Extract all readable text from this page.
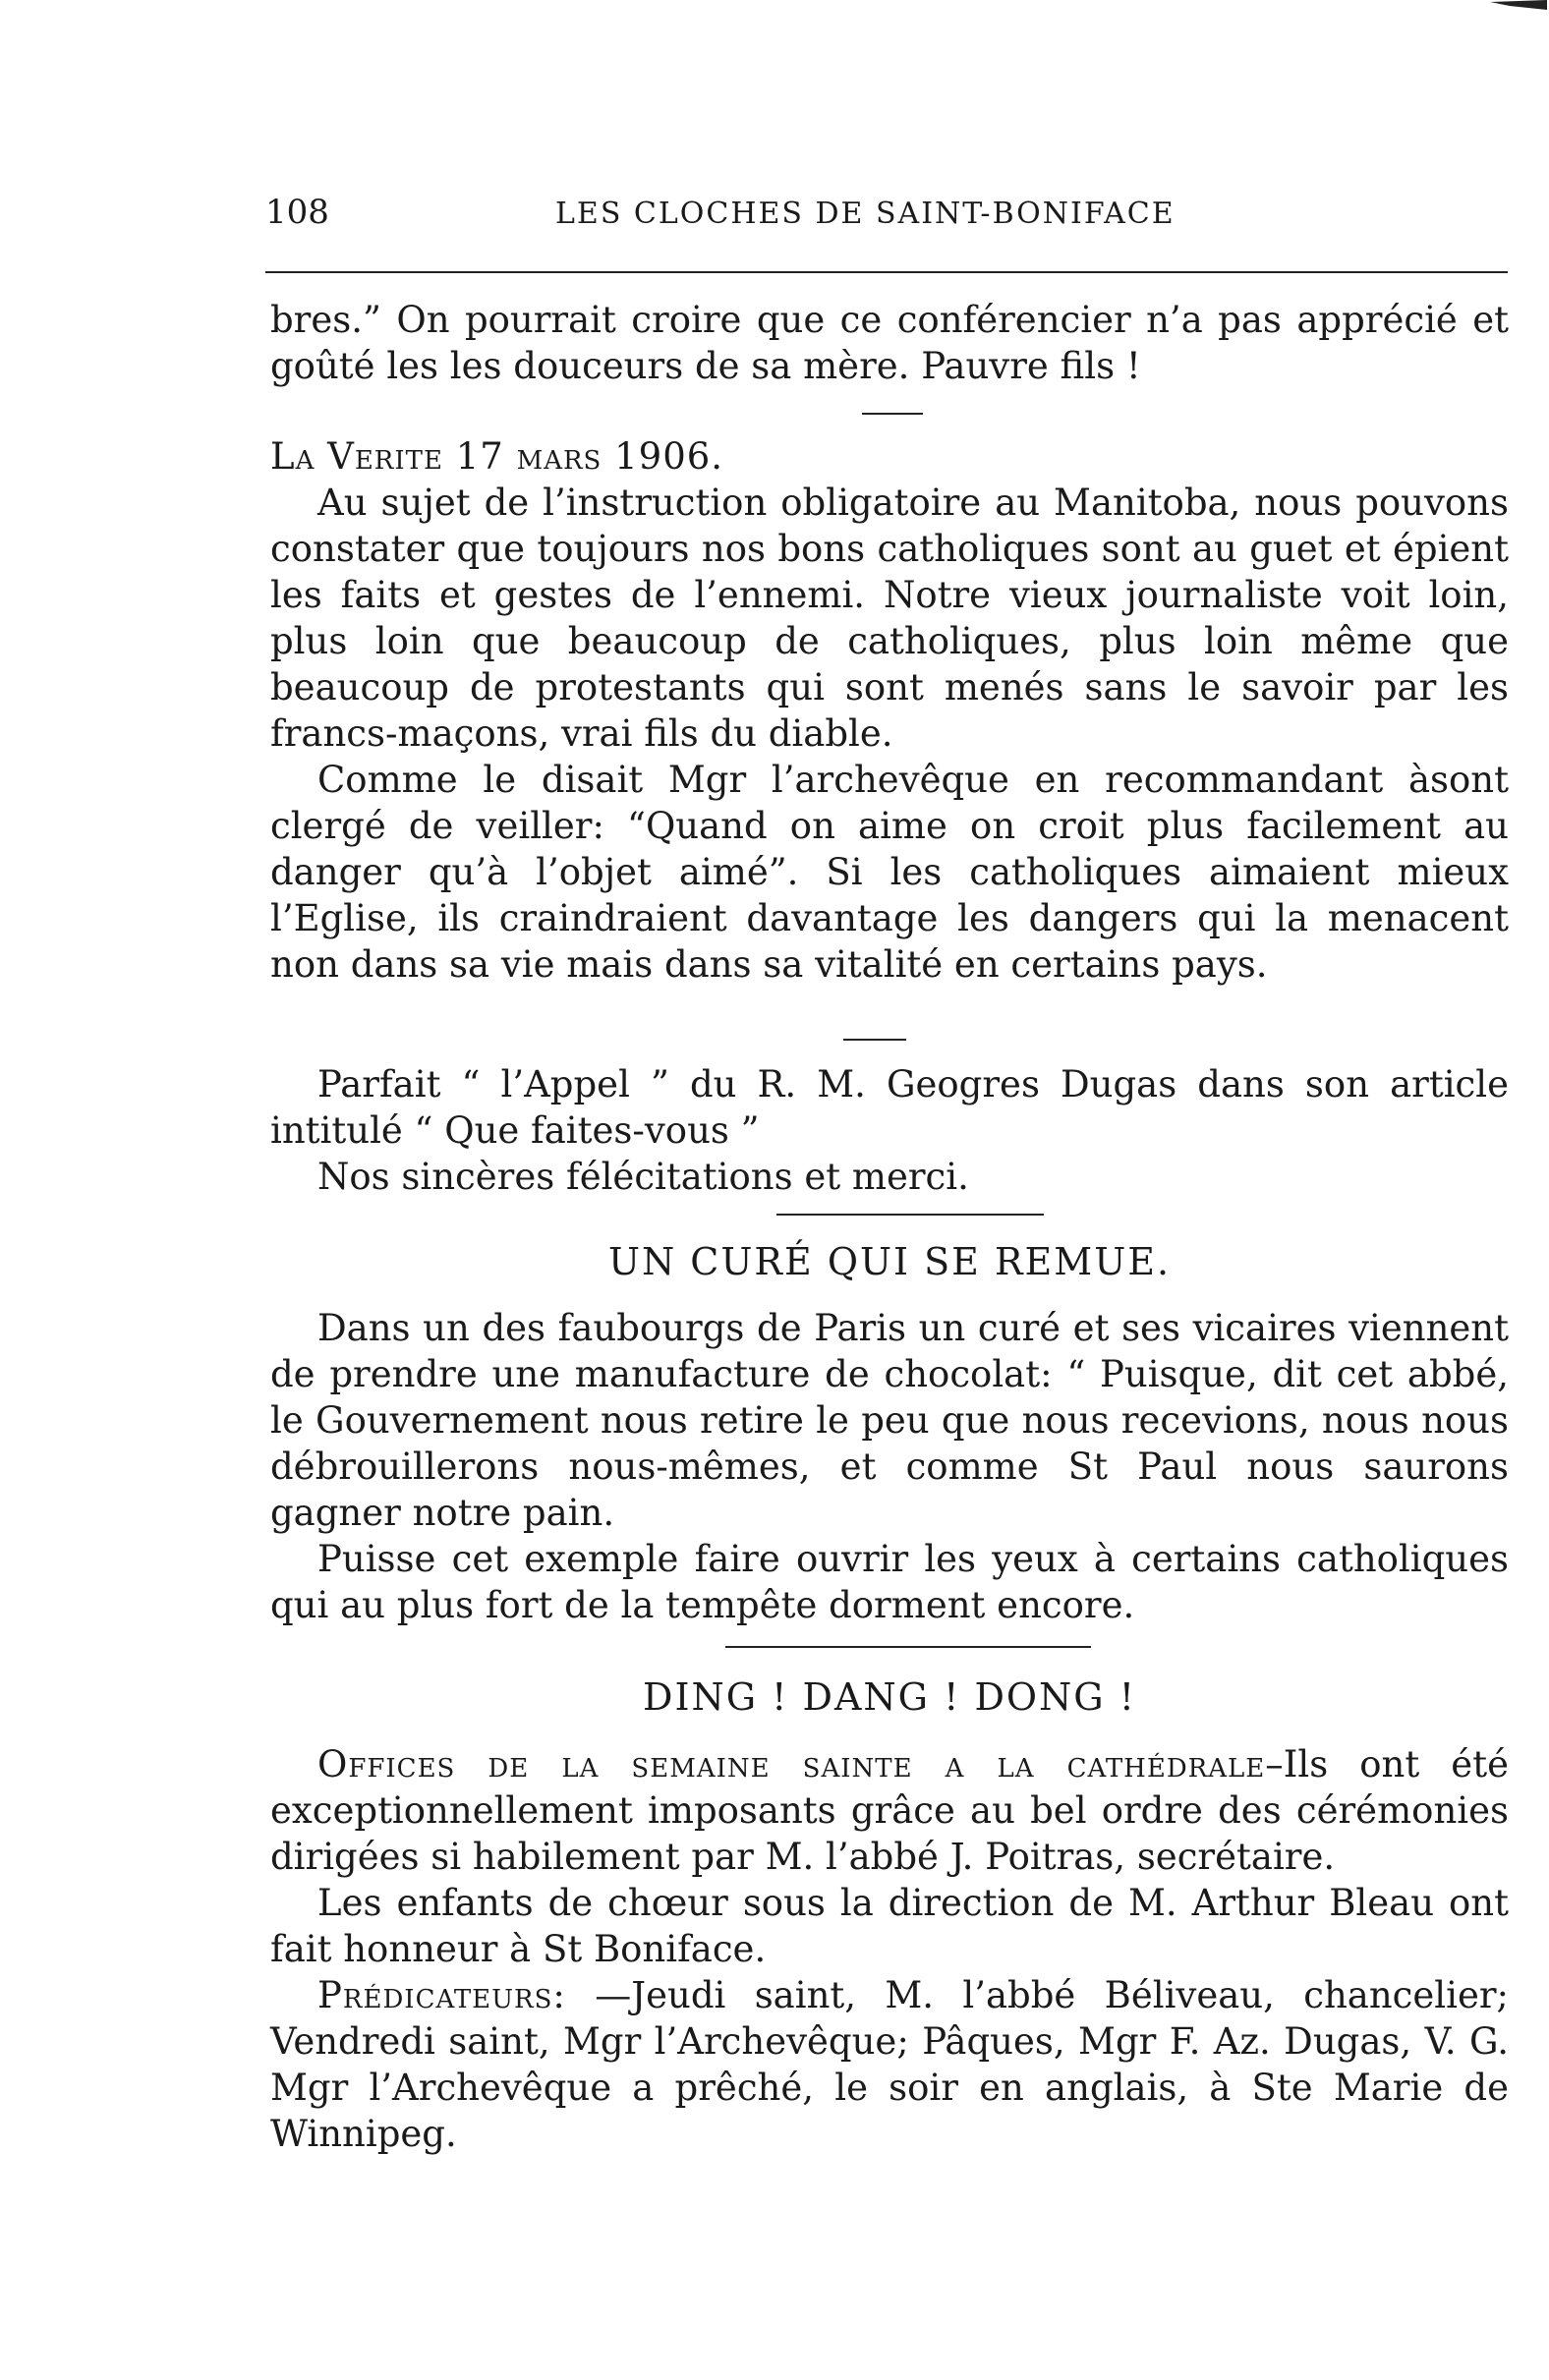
108	LES CLOCHES DE SAINT-BONIFACE

bres.” On pourrait croire que ce conférencier n’a pas apprécié et goûté les les douceurs de sa mère. Pauvre fils !

La Verite 17 mars 1906.

Au sujet de l’instruction obligatoire au Manitoba, nous pouvons constater que toujours nos bons catholiques sont au guet et épient les faits et gestes de l’ennemi. Notre vieux journaliste voit loin, plus loin que beaucoup de catholiques, plus loin même que beaucoup de protestants qui sont menés sans le savoir par les francs-maçons, vrai fils du diable.

Comme le disait Mgr l’archevêque en recommandant àsont clergé de veiller: “Quand on aime on croit plus facilement au danger qu’à l’objet aimé”. Si les catholiques aimaient mieux l’Eglise, ils craindraient davantage les dangers qui la menacent non dans sa vie mais dans sa vitalité en certains pays.

Parfait “ l’Appel ” du R. M. Geogres Dugas dans son article intitulé “ Que faites-vous ”

Nos sincères félécitations et merci.

UN CURÉ QUI SE REMUE.

Dans un des faubourgs de Paris un curé et ses vicaires viennent de prendre une manufacture de chocolat: “ Puisque, dit cet abbé, le Gouvernement nous retire le peu que nous recevions, nous nous débrouillerons nous-mêmes, et comme St Paul nous saurons gagner notre pain.

Puisse cet exemple faire ouvrir les yeux à certains catholiques qui au plus fort de la tempête dorment encore.

DING ! DANG ! DONG !

Offices de la semaine sainte a la cathédrale–Ils ont été exceptionnellement imposants grâce au bel ordre des cérémonies dirigées si habilement par M. l’abbé J. Poitras, secrétaire.

Les enfants de chœur sous la direction de M. Arthur Bleau ont fait honneur à St Boniface.

Prédicateurs: —Jeudi saint, M. l’abbé Béliveau, chancelier; Vendredi saint, Mgr l’Archevêque; Pâques, Mgr F. Az. Dugas, V. G. Mgr l’Archevêque a prêché, le soir en anglais, à Ste Marie de Winnipeg.
